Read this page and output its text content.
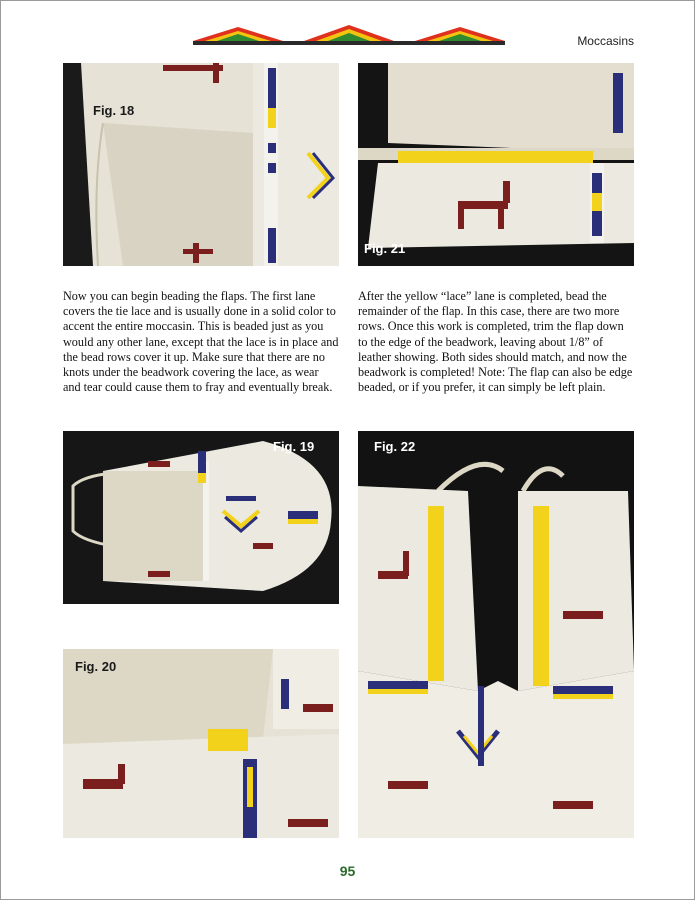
Moccasins
Fig. 18
Fig. 21

Now you can begin beading the flaps. The first lane covers the tie lace and is usually done in a solid color to accent the entire moccasin. This is beaded just as you would any other lane, except that the lace is in place and the bead rows cover it up. Make sure that there are no knots under the beadwork covering the lace, as wear and tear could cause them to fray and eventually break.

After the yellow “lace” lane is completed, bead the remainder of the flap. In this case, there are two more rows. Once this work is completed, trim the flap down to the edge of the beadwork, leaving about 1/8” of leather showing. Both sides should match, and now the beadwork is completed! Note: The flap can also be edge beaded, or if you prefer, it can simply be left plain.

Fig. 19
Fig. 20
Fig. 22
95
